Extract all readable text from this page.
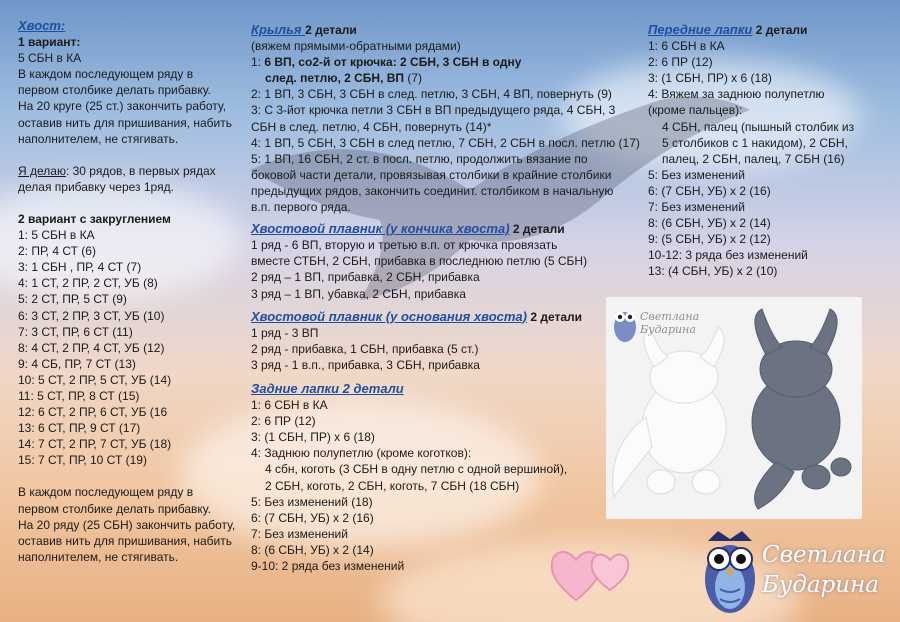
Хвост:
1 вариант:
5 СБН в КА
В каждом последующем ряду в
первом столбике делать прибавку.
На 20 круге (25 ст.) закончить работу,
оставив нить для пришивания, набить
наполнителем, не стягивать.
Я делаю: 30 рядов, в первых рядах
делая прибавку через 1ряд.
2 вариант с закруглением
1: 5 СБН в КА
2: ПР, 4 СТ (6)
3: 1 СБН , ПР, 4 СТ (7)
4: 1 СТ, 2 ПР, 2 СТ, УБ (8)
5: 2 СТ, ПР, 5 СТ (9)
6: 3 СТ, 2 ПР, 3 СТ, УБ (10)
7: 3 СТ, ПР, 6 СТ (11)
8: 4 СТ, 2 ПР, 4 СТ, УБ (12)
9: 4 СБ, ПР, 7 СТ (13)
10: 5 СТ, 2 ПР, 5 СТ, УБ (14)
11: 5 СТ, ПР, 8 СТ (15)
12: 6 СТ, 2 ПР, 6 СТ, УБ (16
13: 6 СТ, ПР, 9 СТ (17)
14: 7 СТ, 2 ПР, 7 СТ, УБ (18)
15: 7 СТ, ПР, 10 СТ (19)
В каждом последующем ряду в
первом столбике делать прибавку.
На 20 ряду (25 СБН) закончить работу,
оставив нить для пришивания, набить
наполнителем, не стягивать.
Крылья 2 детали
(вяжем прямыми-обратными рядами)
1: 6 ВП, со2-й от крючка: 2 СБН, 3 СБН в одну
след. петлю, 2 СБН, ВП (7)
2: 1 ВП, 3 СБН, 3 СБН в след. петлю, 3 СБН, 4 ВП, повернуть (9)
3: С 3-йот крючка петли 3 СБН в ВП предыдущего ряда, 4 СБН, 3
СБН в след. петлю, 4 СБН, повернуть (14)*
4: 1 ВП, 5 СБН, 3 СБН в след петлю, 7 СБН, 2 СБН в посл. петлю (17)
5: 1 ВП, 16 СБН, 2 ст. в посл. петлю, продолжить вязание по
боковой части детали, провязывая столбики в крайние столбики
предыдущих рядов, закончить соединит. столбиком в начальную
в.п. первого ряда.
Хвостовой плавник (у кончика хвоста) 2 детали
1 ряд - 6 ВП, вторую и третью в.п. от крючка провязать
вместе СТБН, 2 СБН, прибавка в последнюю петлю (5 СБН)
2 ряд – 1 ВП, прибавка, 2 СБН, прибавка
3 ряд – 1 ВП, убавка, 2 СБН, прибавка
Хвостовой плавник (у основания хвоста) 2 детали
1 ряд - 3 ВП
2 ряд - прибавка, 1 СБН, прибавка (5 ст.)
3 ряд - 1 в.п., прибавка, 3 СБН, прибавка
Задние лапки 2 детали
1: 6 СБН в КА
2: 6 ПР (12)
3: (1 СБН, ПР) х 6 (18)
4: Заднюю полупетлю (кроме коготков):
4 сбн, коготь (3 СБН в одну петлю с одной вершиной),
2 СБН, коготь, 2 СБН, коготь, 7 СБН (18 СБН)
5: Без изменений (18)
6: (7 СБН, УБ) х 2 (16)
7: Без изменений
8: (6 СБН, УБ) х 2 (14)
9-10: 2 ряда без изменений
Передние лапки 2 детали
1: 6 СБН в КА
2: 6 ПР (12)
3: (1 СБН, ПР) х 6 (18)
4: Вяжем за заднюю полупетлю
(кроме пальцев):
4 СБН, палец (пышный столбик из
5 столбиков с 1 накидом), 2 СБН,
палец, 2 СБН, палец, 7 СБН (16)
5: Без изменений
6: (7 СБН, УБ) х 2 (16)
7: Без изменений
8: (6 СБН, УБ) х 2 (14)
9: (5 СБН, УБ) х 2 (12)
10-12: 3 ряда без изменений
13: (4 СБН, УБ) х 2 (10)
Светлана
Бударина
Светлана
Бударина
